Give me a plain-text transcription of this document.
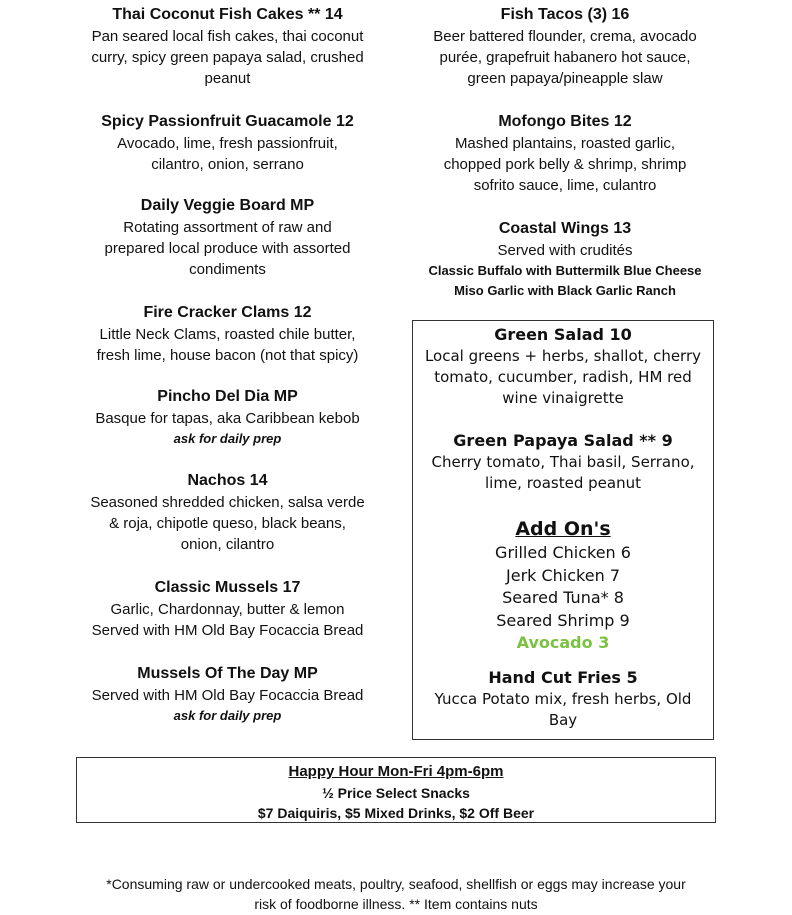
Thai Coconut Fish Cakes ** 14
Pan seared local fish cakes, thai coconut
curry, spicy green papaya salad, crushed
peanut
Spicy Passionfruit Guacamole 12
Avocado, lime, fresh passionfruit,
cilantro, onion, serrano
Daily Veggie Board MP
Rotating assortment of raw and
prepared local produce with assorted
condiments
Fire Cracker Clams 12
Little Neck Clams, roasted chile butter,
fresh lime, house bacon (not that spicy)
Pincho Del Dia MP
Basque for tapas, aka Caribbean kebob
ask for daily prep
Nachos 14
Seasoned shredded chicken, salsa verde
& roja, chipotle queso, black beans,
onion, cilantro
Classic Mussels 17
Garlic, Chardonnay, butter & lemon
Served with HM Old Bay Focaccia Bread
Mussels Of The Day MP
Served with HM Old Bay Focaccia Bread
ask for daily prep
Fish Tacos (3) 16
Beer battered flounder, crema, avocado
purée, grapefruit habanero hot sauce,
green papaya/pineapple slaw
Mofongo Bites 12
Mashed plantains, roasted garlic,
chopped pork belly & shrimp, shrimp
sofrito sauce, lime, culantro
Coastal Wings 13
Served with crudités
Classic Buffalo with Buttermilk Blue Cheese
Miso Garlic with Black Garlic Ranch
Green Salad 10
Local greens + herbs, shallot, cherry
tomato, cucumber, radish, HM red
wine vinaigrette
Green Papaya Salad ** 9
Cherry tomato, Thai basil, Serrano,
lime, roasted peanut
Add On's
Grilled Chicken 6
Jerk Chicken 7
Seared Tuna* 8
Seared Shrimp 9
Avocado 3
Hand Cut Fries 5
Yucca Potato mix, fresh herbs, Old
Bay
Happy Hour Mon-Fri 4pm-6pm
½ Price Select Snacks
$7 Daiquiris, $5 Mixed Drinks, $2 Off Beer
*Consuming raw or undercooked meats, poultry, seafood, shellfish or eggs may increase your
risk of foodborne illness. ** Item contains nuts
